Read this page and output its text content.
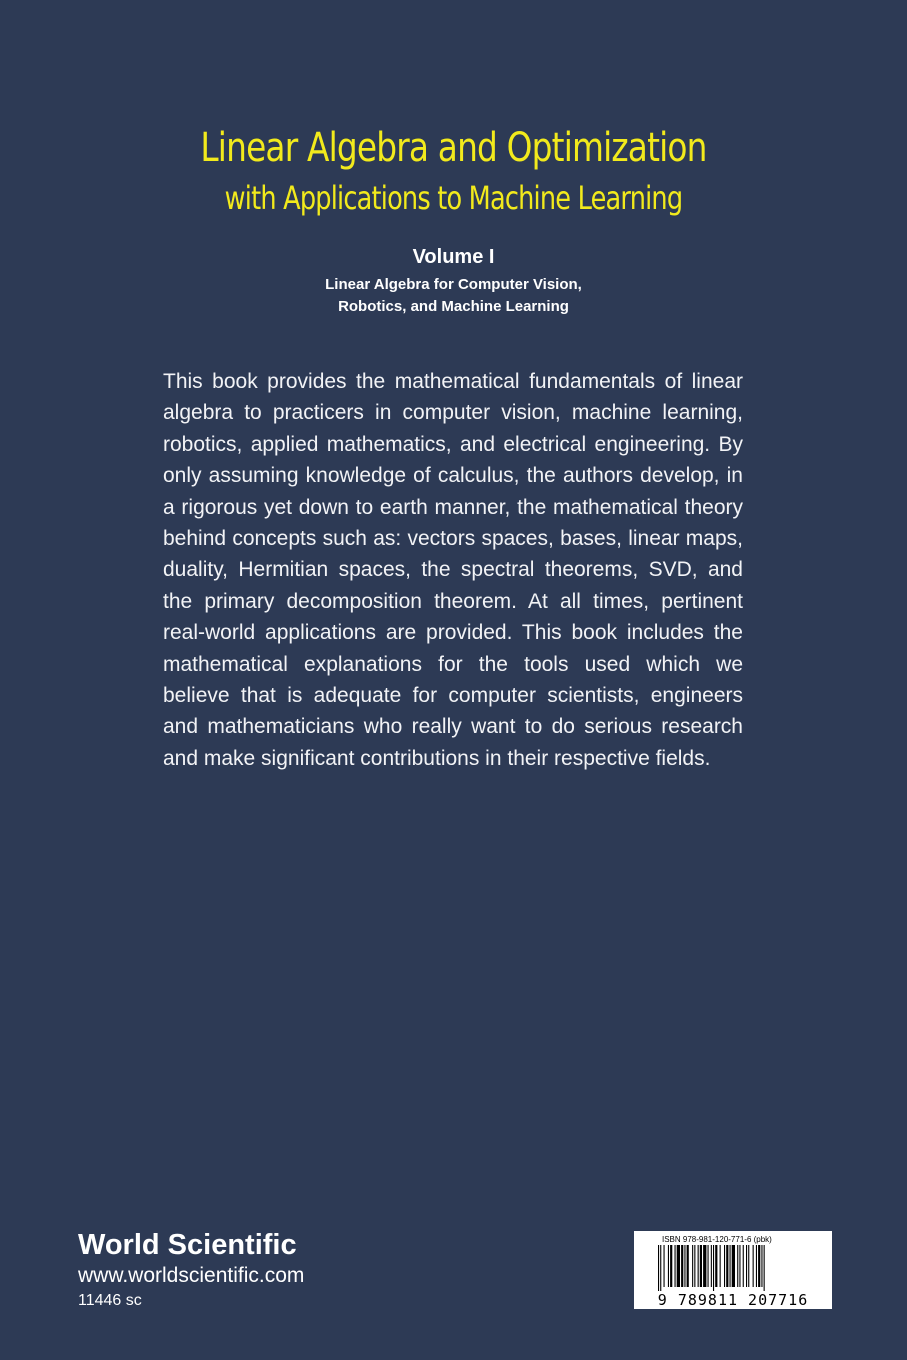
Linear Algebra and Optimization
with Applications to Machine Learning
Volume I
Linear Algebra for Computer Vision,
Robotics, and Machine Learning
This book provides the mathematical fundamentals of linear algebra to practicers in computer vision, machine learning, robotics, applied mathematics, and electrical engineering. By only assuming knowledge of calculus, the authors develop, in a rigorous yet down to earth manner, the mathematical theory behind concepts such as: vectors spaces, bases, linear maps, duality, Hermitian spaces, the spectral theorems, SVD, and the primary decomposition theorem. At all times, pertinent real-world applications are provided. This book includes the mathematical explanations for the tools used which we believe that is adequate for computer scientists, engineers and mathematicians who really want to do serious research and make significant contributions in their respective fields.
World Scientific
www.worldscientific.com
11446 sc
ISBN 978-981-120-771-6 (pbk)
9 789811 207716
